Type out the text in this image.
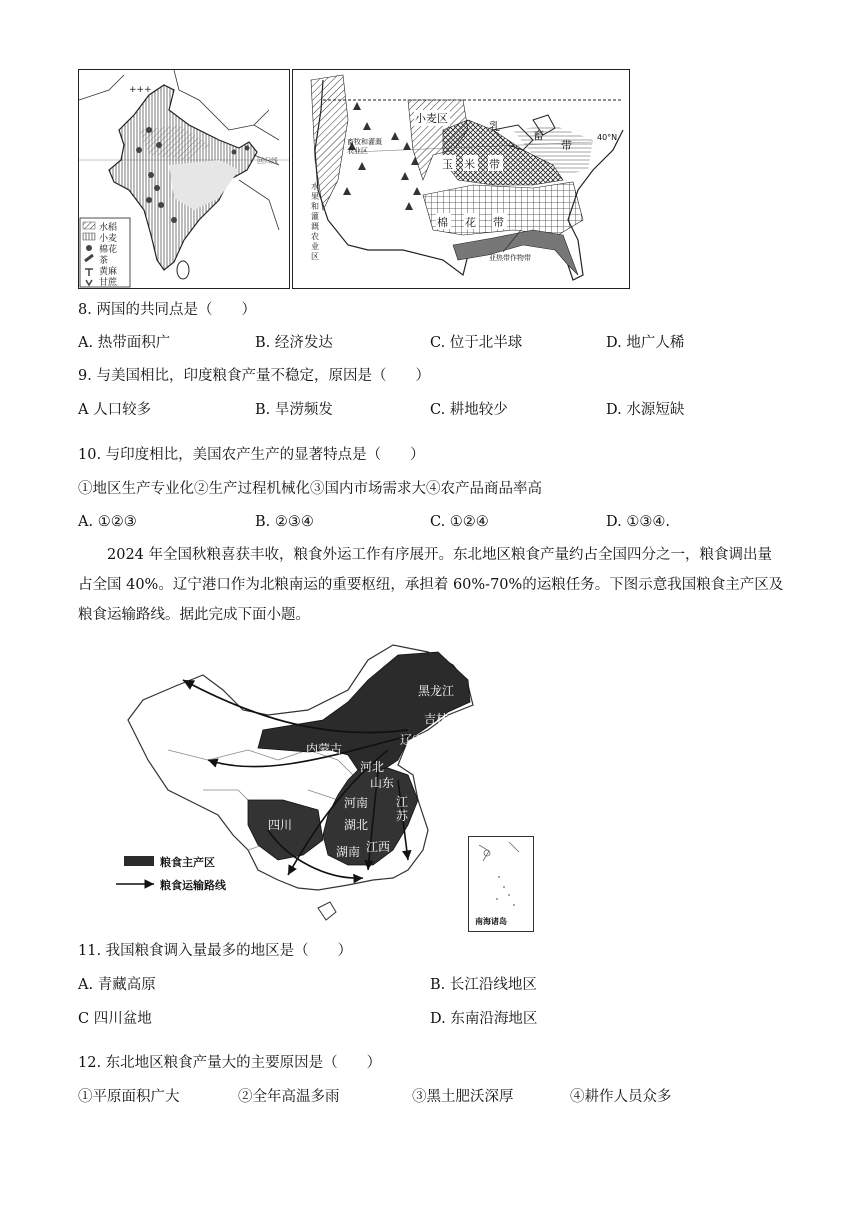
+++
水稻
小麦
棉花
茶
黄麻
甘蔗
回归线
小麦区
乳
畜
带
玉 米 带
棉 花 带
畜牧和灌溉农业区
水果和灌溉农业区	亚热带作物带
40°N
8. 两国的共同点是（　　）
A. 热带面积广	B. 经济发达	C. 位于北半球	D. 地广人稀
9. 与美国相比，印度粮食产量不稳定，原因是（　　）
A 人口较多	B. 旱涝频发	C. 耕地较少	D. 水源短缺
10. 与印度相比，美国农产生产的显著特点是（　　）
①地区生产专业化②生产过程机械化③国内市场需求大④农产品商品率高
A. ①②③	B. ②③④	C. ①②④	D. ①③④.
2024 年全国秋粮喜获丰收，粮食外运工作有序展开。东北地区粮食产量约占全国四分之一，粮食调出量占全国 40%。辽宁港口作为北粮南运的重要枢纽，承担着 60%-70%的运粮任务。下图示意我国粮食主产区及粮食运输路线。据此完成下面小题。
黑龙江
吉林
辽宁
内蒙古
河北
山东
河南 江苏
四川	湖北
湖南 江西
粮食主产区
粮食运输路线
南海诸岛
11. 我国粮食调入量最多的地区是（　　）
A. 青藏高原	B. 长江沿线地区
C 四川盆地	D. 东南沿海地区
12. 东北地区粮食产量大的主要原因是（　　）
①平原面积广大	②全年高温多雨	③黑土肥沃深厚	④耕作人员众多
